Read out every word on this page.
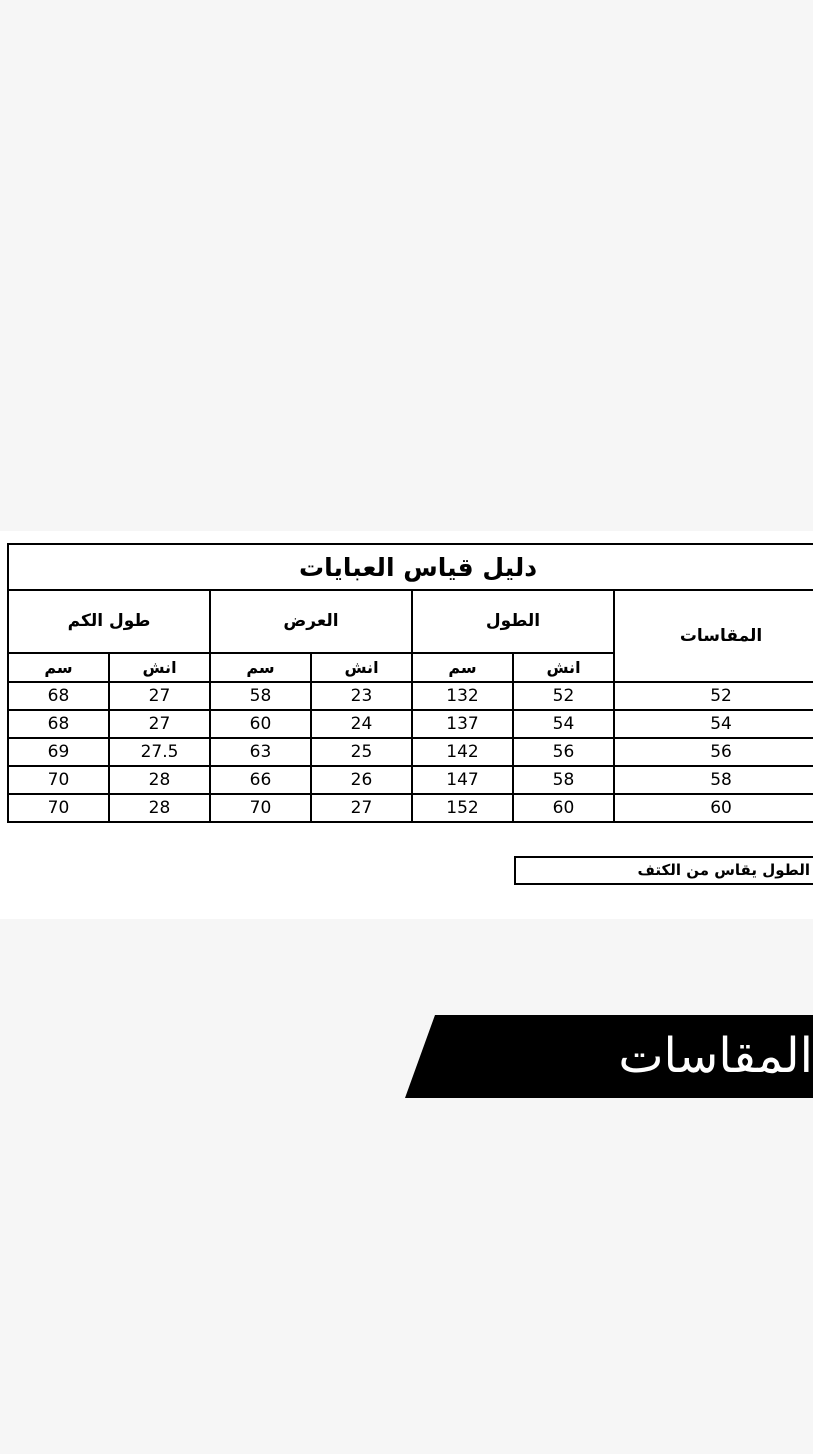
دليل قياس العبايات						
طول الكم		العرض		الطول		المقاسات
سم	انش	سم	انش	سم	انش	
68	27	58	23	132	52	52
68	27	60	24	137	54	54
69	27.5	63	25	142	56	56
70	28	66	26	147	58	58
70	28	70	27	152	60	60
الطول يقاس من الكتف
المقاسات
